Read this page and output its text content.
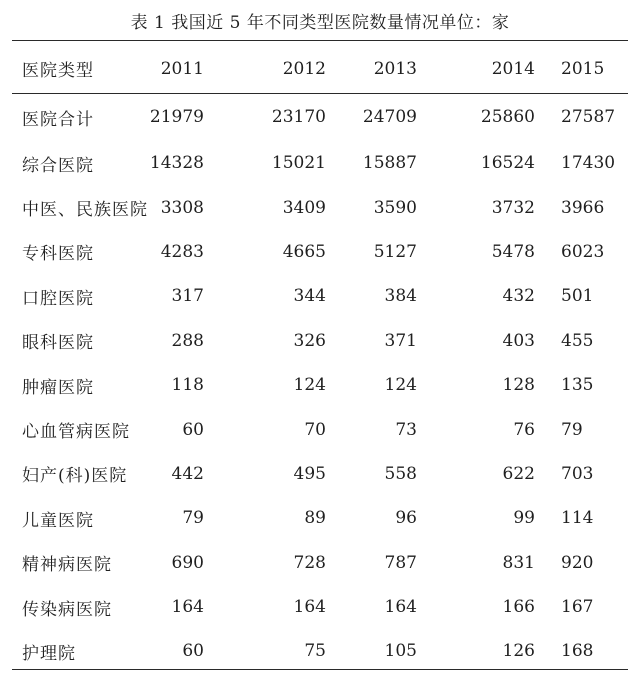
表 1 我国近 5 年不同类型医院数量情况单位：家
医院类型	2011	2012	2013	2014	2015
医院合计	21979	23170	24709	25860	27587
综合医院	14328	15021	15887	16524	17430
中医、民族医院	3308	3409	3590	3732	3966
专科医院	4283	4665	5127	5478	6023
口腔医院	317	344	384	432	501
眼科医院	288	326	371	403	455
肿瘤医院	118	124	124	128	135
心血管病医院	60	70	73	76	79
妇产(科)医院	442	495	558	622	703
儿童医院	79	89	96	99	114
精神病医院	690	728	787	831	920
传染病医院	164	164	164	166	167
护理院	60	75	105	126	168
